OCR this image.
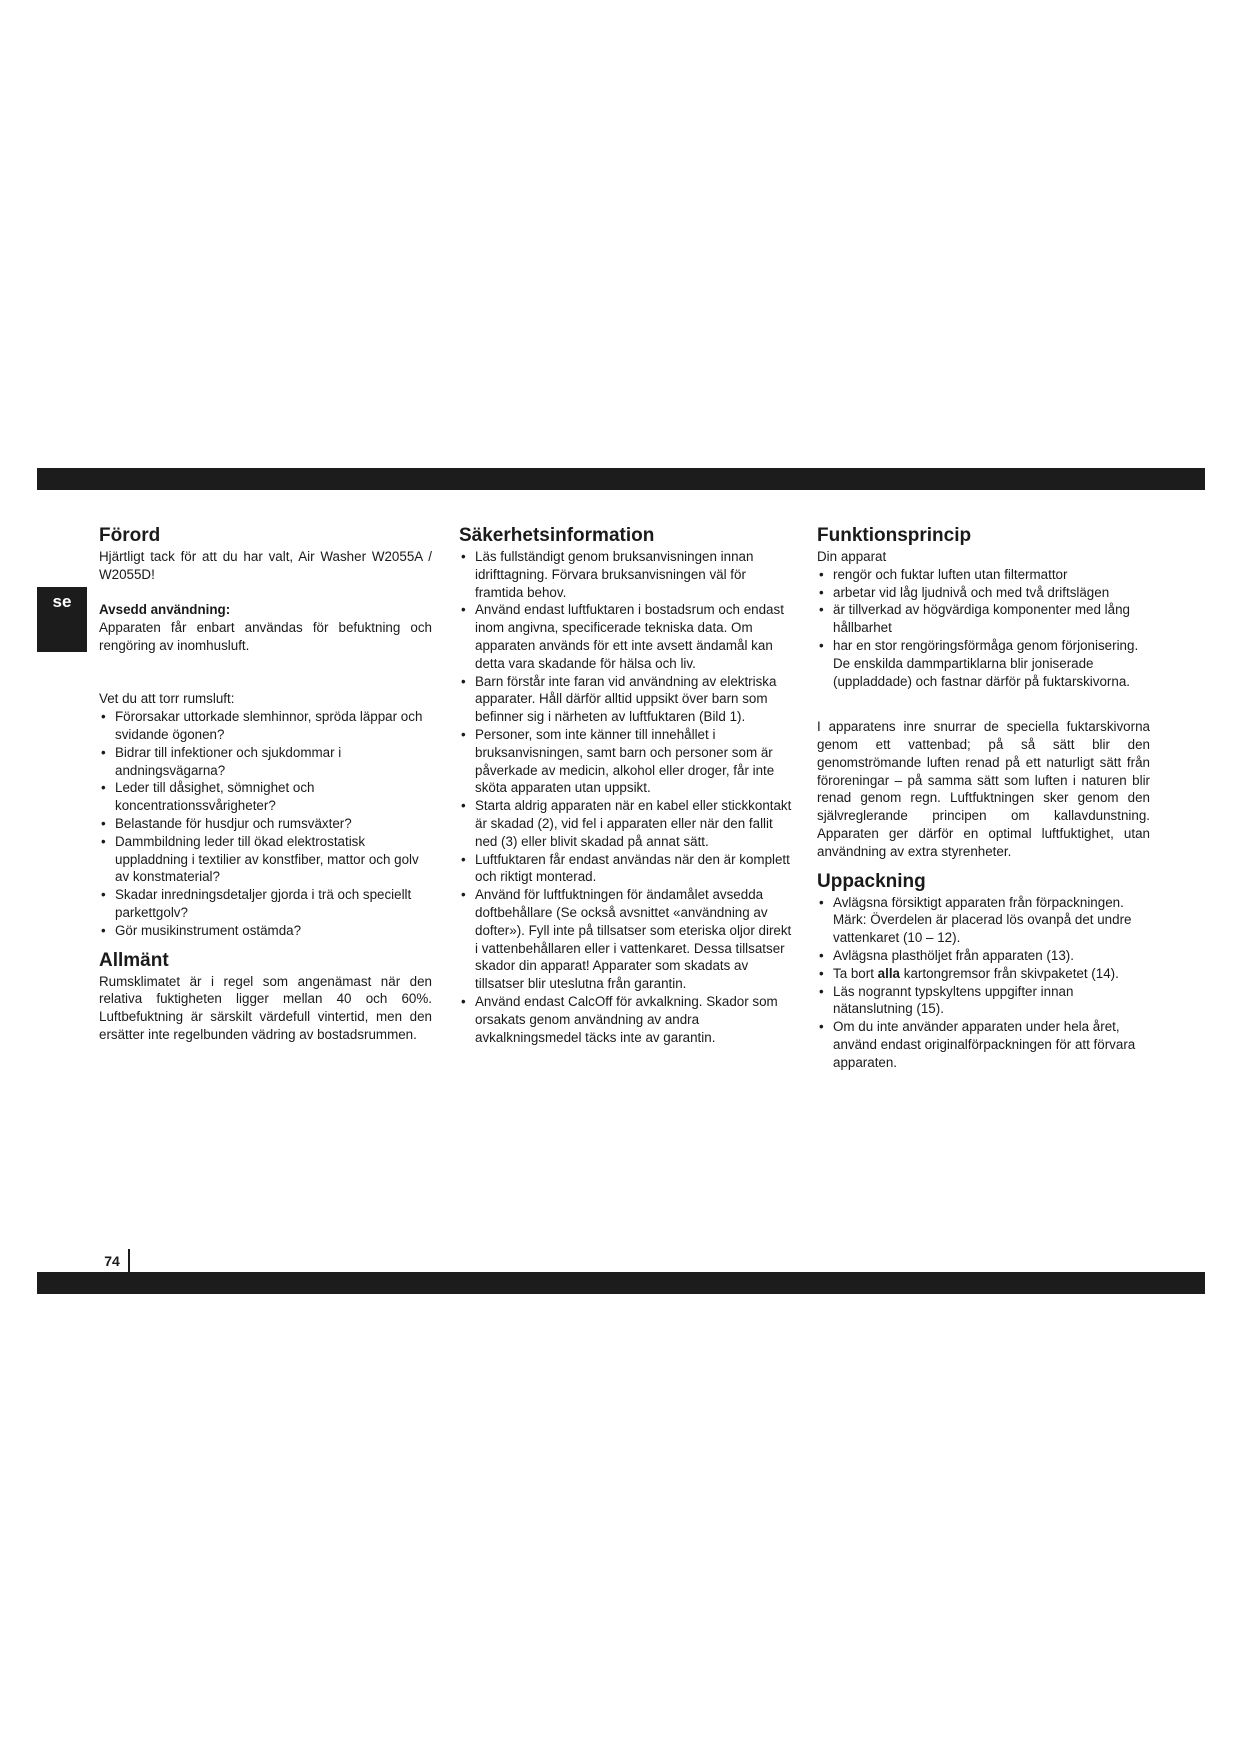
se
Förord

Hjärtligt tack för att du har valt, Air Washer W2055A / W2055D!

Avsedd användning:

Apparaten får enbart användas för befuktning och rengöring av inomhusluft.

Vet du att torr rumsluft:

• Förorsakar uttorkade slemhinnor, spröda läppar och svidande ögonen?
• Bidrar till infektioner och sjukdommar i andningsvägarna?
• Leder till dåsighet, sömnighet och koncentrationssvårigheter?
• Belastande för husdjur och rumsväxter?
• Dammbildning leder till ökad elektrostatisk uppladdning i textilier av konstfiber, mattor och golv av konstmaterial?
• Skadar inredningsdetaljer gjorda i trä och speciellt parkettgolv?
• Gör musikinstrument ostämda?
Allmänt

Rumsklimatet är i regel som angenämast när den relativa fuktigheten ligger mellan 40 och 60%. Luftbefuktning är särskilt värdefull vintertid, men den ersätter inte regelbunden vädring av bostadsrummen.

Säkerhetsinformation
• Läs fullständigt genom bruksanvisningen innan idrifttagning. Förvara bruksanvisningen väl för framtida behov.
• Använd endast luftfuktaren i bostadsrum och endast inom angivna, specificerade tekniska data. Om apparaten används för ett inte avsett ändamål kan detta vara skadande för hälsa och liv.
• Barn förstår inte faran vid användning av elektriska apparater. Håll därför alltid uppsikt över barn som befinner sig i närheten av luftfuktaren (Bild 1).
• Personer, som inte känner till innehållet i bruksanvisningen, samt barn och personer som är påverkade av medicin, alkohol eller droger, får inte sköta apparaten utan uppsikt.
• Starta aldrig apparaten när en kabel eller stickkontakt är skadad (2), vid fel i apparaten eller när den fallit ned (3) eller blivit skadad på annat sätt.
• Luftfuktaren får endast användas när den är komplett och riktigt monterad.
• Använd för luftfuktningen för ändamålet avsedda doftbehållare (Se också avsnittet «användning av dofter»). Fyll inte på tillsatser som eteriska oljor direkt i vattenbehållaren eller i vattenkaret. Dessa tillsatser skador din apparat! Apparater som skadats av tillsatser blir uteslutna från garantin.
• Använd endast CalcOff för avkalkning. Skador som orsakats genom användning av andra avkalkningsmedel täcks inte av garantin.
Funktionsprincip

Din apparat

• rengör och fuktar luften utan filtermattor
• arbetar vid låg ljudnivå och med två driftslägen
• är tillverkad av högvärdiga komponenter med lång hållbarhet
• har en stor rengöringsförmåga genom förjonisering. De enskilda dammpartiklarna blir joniserade (uppladdade) och fastnar därför på fuktarskivorna.

I apparatens inre snurrar de speciella fuktarskivorna genom ett vattenbad; på så sätt blir den genomströmande luften renad på ett naturligt sätt från föroreningar – på samma sätt som luften i naturen blir renad genom regn. Luftfuktningen sker genom den självreglerande principen om kallavdunstning. Apparaten ger därför en optimal luftfuktighet, utan användning av extra styrenheter.

Uppackning
• Avlägsna försiktigt apparaten från förpackningen. Märk: Överdelen är placerad lös ovanpå det undre vattenkaret (10 – 12).
• Avlägsna plasthöljet från apparaten (13).
• Ta bort alla kartongremsor från skivpaketet (14).
• Läs nogrannt typskyltens uppgifter innan nätanslutning (15).
• Om du inte använder apparaten under hela året, använd endast originalförpackningen för att förvara apparaten.
74
